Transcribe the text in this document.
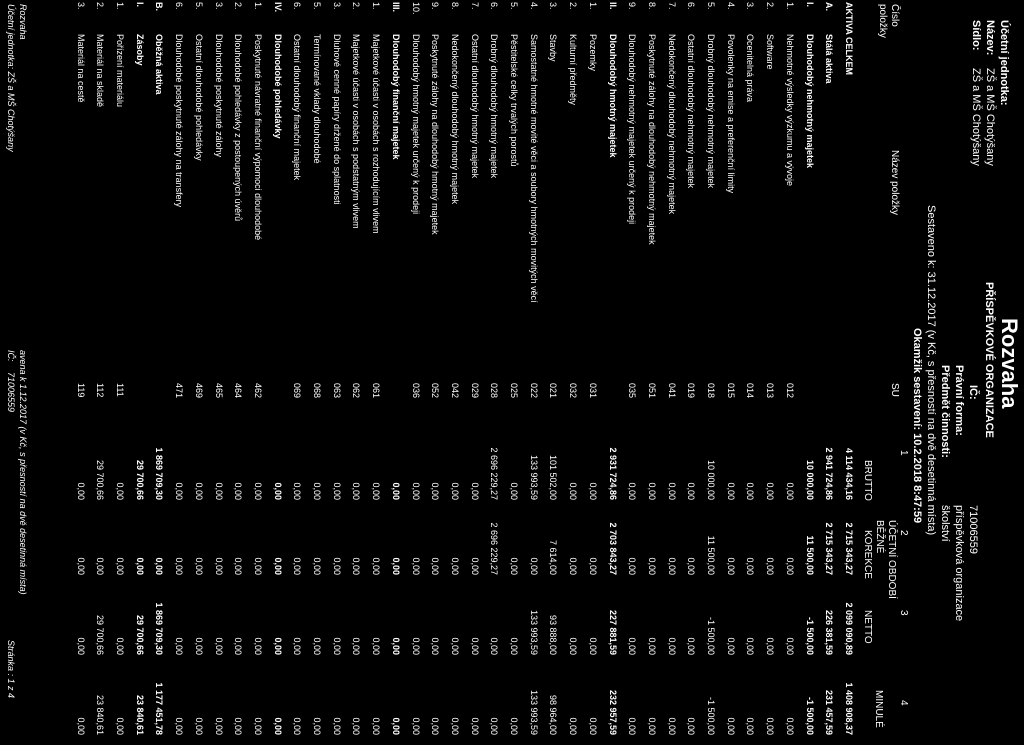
Rozvaha
PŘÍSPĚVKOVÉ ORGANIZACE
Účetní jednotka:
Název:
ZŠ a MŠ Chotýšany
Sídlo:
ZŠ a MŠ Chotýšany
IČ:
71006559
Právní forma:
příspěvková organizace
Předmět činnosti:
školství
Sestaveno k: 31.12.2017 (v Kč, s přesností na dvě desetinná místa)
Okamžik sestavení: 10.2.2018 8:47:59
Číslo
položky
Název položky
SU
1
2
3
4
ÚČETNÍ OBDOBÍ
BĚŽNÉ
BRUTTO
KOREKCE
NETTO
MINULÉ
AKTIVA CELKEM
4 114 434,16
2 715 343,27
2 099 090,89
1 408 908,37
A.
Stálá aktiva
2 941 724,86
2 715 343,27
226 381,59
231 457,59
I.
Dlouhodobý nehmotný majetek
10 000,00
11 500,00
-1 500,00
-1 500,00
1.
Nehmotné výsledky výzkumu a vývoje
012
0,00
0,00
0,00
0,00
2.
Software
013
0,00
0,00
0,00
0,00
3.
Ocenitelná práva
014
0,00
0,00
0,00
0,00
4.
Povolenky na emise a preferenční limity
015
0,00
0,00
0,00
0,00
5.
Drobný dlouhodobý nehmotný majetek
018
10 000,00
11 500,00
-1 500,00
-1 500,00
6.
Ostatní dlouhodobý nehmotný majetek
019
0,00
0,00
0,00
0,00
7.
Nedokončený dlouhodobý nehmotný majetek
041
0,00
0,00
0,00
0,00
8.
Poskytnuté zálohy na dlouhodobý nehmotný majetek
051
0,00
0,00
0,00
0,00
9.
Dlouhodobý nehmotný majetek určený k prodeji
035
0,00
0,00
0,00
0,00
II.
Dlouhodobý hmotný majetek
2 931 724,86
2 703 843,27
227 881,59
232 957,59
1.
Pozemky
031
0,00
0,00
0,00
0,00
2.
Kulturní předměty
032
0,00
0,00
0,00
0,00
3.
Stavby
021
101 502,00
7 614,00
93 888,00
98 964,00
4.
Samostatné hmotné movité věci a soubory hmotných movitých věcí
022
133 993,59
0,00
133 993,59
133 993,59
5.
Pěstitelské celky trvalých porostů
025
0,00
0,00
0,00
0,00
6.
Drobný dlouhodobý hmotný majetek
028
2 696 229,27
2 696 229,27
0,00
0,00
7.
Ostatní dlouhodobý hmotný majetek
029
0,00
0,00
0,00
0,00
8.
Nedokončený dlouhodobý hmotný majetek
042
0,00
0,00
0,00
0,00
9.
Poskytnuté zálohy na dlouhodobý hmotný majetek
052
0,00
0,00
0,00
0,00
10.
Dlouhodobý hmotný majetek určený k prodeji
036
0,00
0,00
0,00
0,00
III.
Dlouhodobý finanční majetek
0,00
0,00
0,00
0,00
1.
Majetkové účasti v osobách s rozhodujícím vlivem
061
0,00
0,00
0,00
0,00
2.
Majetkové účasti v osobách s podstatným vlivem
062
0,00
0,00
0,00
0,00
3.
Dluhové cenné papíry držené do splatnosti
063
0,00
0,00
0,00
0,00
5.
Termínované vklady dlouhodobé
068
0,00
0,00
0,00
0,00
6.
Ostatní dlouhodobý finanční majetek
069
0,00
0,00
0,00
0,00
IV.
Dlouhodobé pohledávky
0,00
0,00
0,00
0,00
1.
Poskytnuté návratné finanční výpomoci dlouhodobé
462
0,00
0,00
0,00
0,00
2.
Dlouhodobé pohledávky z postoupených úvěrů
464
0,00
0,00
0,00
0,00
3.
Dlouhodobé poskytnuté zálohy
465
0,00
0,00
0,00
0,00
5.
Ostatní dlouhodobé pohledávky
469
0,00
0,00
0,00
0,00
6.
Dlouhodobé poskytnuté zálohy na transfery
471
0,00
0,00
0,00
0,00
B.
Oběžná aktiva
1 869 709,30
0,00
1 869 709,30
1 177 451,78
I.
Zásoby
29 700,66
0,00
29 700,66
23 840,61
1.
Pořízení materiálu
111
0,00
0,00
0,00
0,00
2.
Materiál na skladě
112
29 700,66
0,00
29 700,66
23 840,61
3.
Materiál na cestě
119
0,00
0,00
0,00
0,00
Rozvaha
Účetní jednotka: ZŠ a MŠ Chotýšany
avena k 1.12.2017 (v Kč, s přesností na dvě desetinná místa)
IČ:
71006559
Stránka : 1 z 4
